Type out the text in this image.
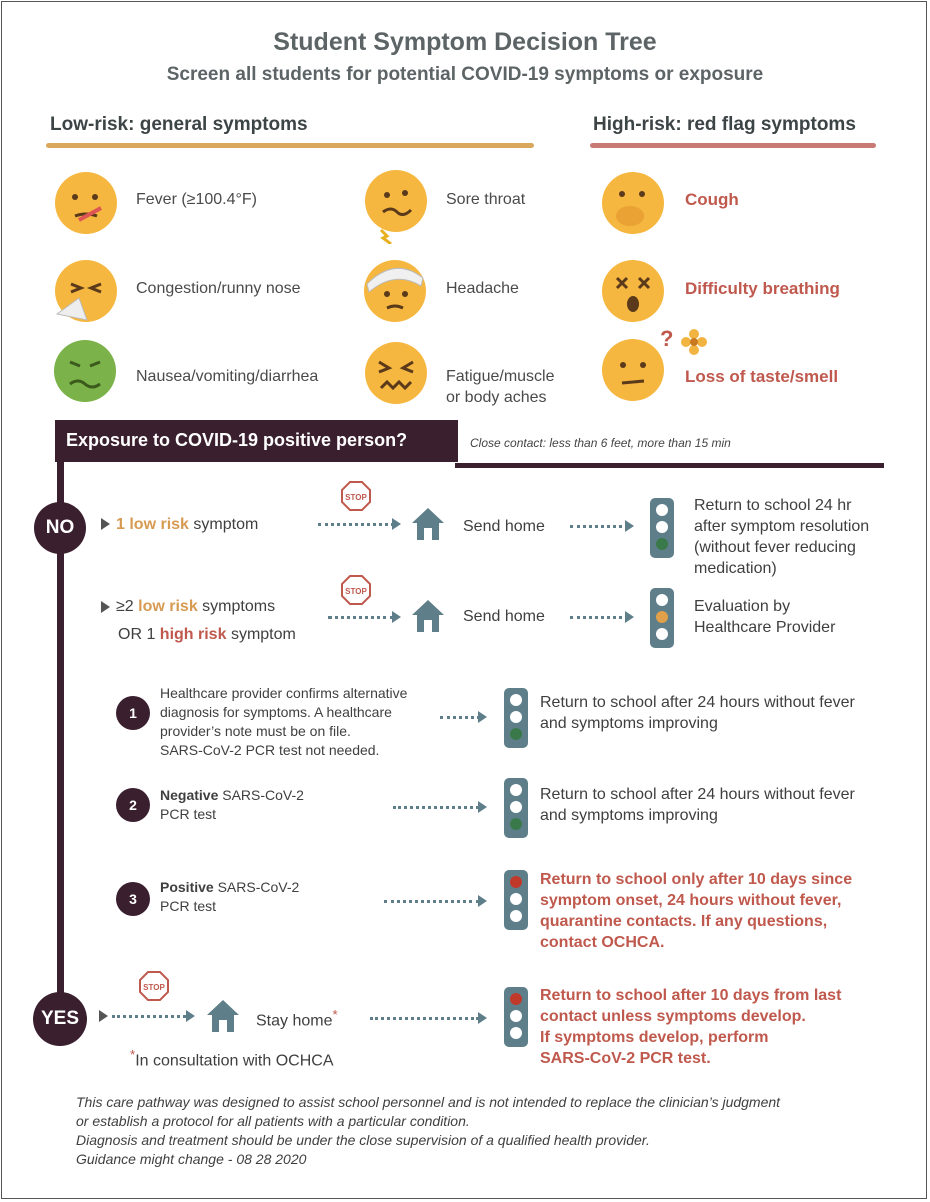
Student Symptom Decision Tree
Screen all students for potential COVID-19 symptoms or exposure
Low-risk: general symptoms	High-risk: red flag symptoms
?
Fever (≥100.4°F)	Sore throat
Congestion/runny nose	Headache
Nausea/vomiting/diarrhea	Fatigue/muscle
or body aches
Cough
Difficulty breathing
Loss of taste/smell
Exposure to COVID-19 positive person?	Close contact: less than 6 feet, more than 15 min
NO	1 low risk symptom
STOP
Send home
Return to school 24 hr
after symptom resolution
(without fever reducing
medication)
≥2 low risk symptoms
OR 1 high risk symptom
STOP
Send home
Evaluation by
Healthcare Provider
1
Healthcare provider confirms alternative
diagnosis for symptoms. A healthcare
provider’s note must be on file.
SARS-CoV-2 PCR test not needed.
Return to school after 24 hours without fever
and symptoms improving
2
Negative SARS-CoV-2
PCR test
Return to school after 24 hours without fever
and symptoms improving
3
Positive SARS-CoV-2
PCR test
Return to school only after 10 days since
symptom onset, 24 hours without fever,
quarantine contacts. If any questions,
contact OCHCA.
YES
STOP
Stay home*
*In consultation with OCHCA
Return to school after 10 days from last
contact unless symptoms develop.
If symptoms develop, perform
SARS-CoV-2 PCR test.
This care pathway was designed to assist school personnel and is not intended to replace the clinician’s judgment
or establish a protocol for all patients with a particular condition.
Diagnosis and treatment should be under the close supervision of a qualified health provider.
Guidance might change - 08 28 2020
